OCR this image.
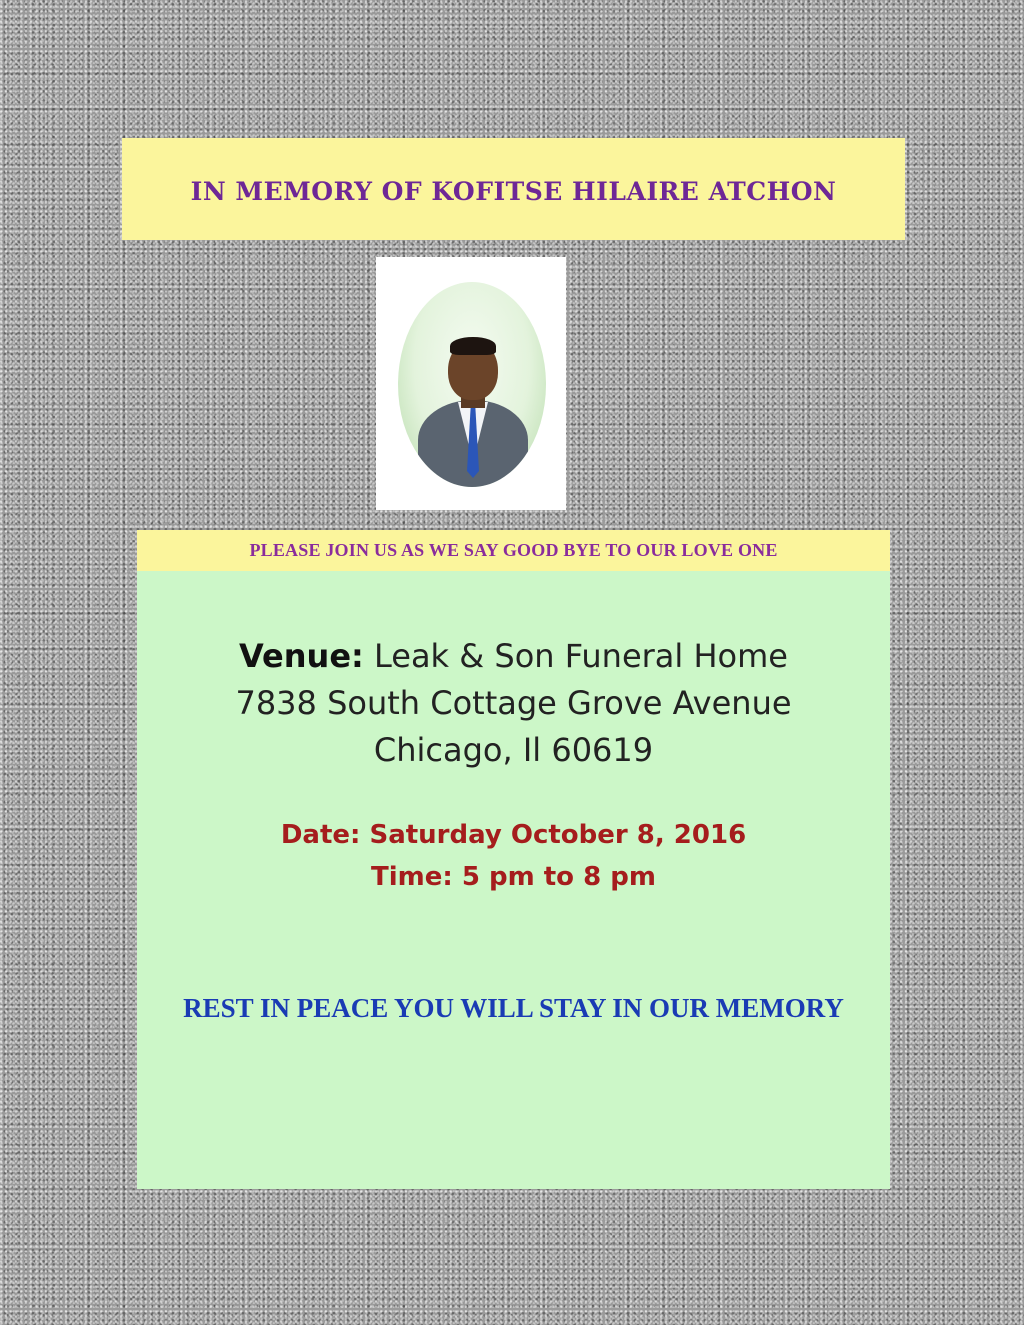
IN MEMORY OF KOFITSE HILAIRE ATCHON
PLEASE JOIN US AS WE SAY GOOD BYE TO OUR LOVE ONE
Venue: Leak & Son Funeral Home
7838 South Cottage Grove Avenue
Chicago, Il 60619
Date: Saturday October 8, 2016
Time: 5 pm to 8 pm
REST IN PEACE YOU WILL STAY IN OUR MEMORY
